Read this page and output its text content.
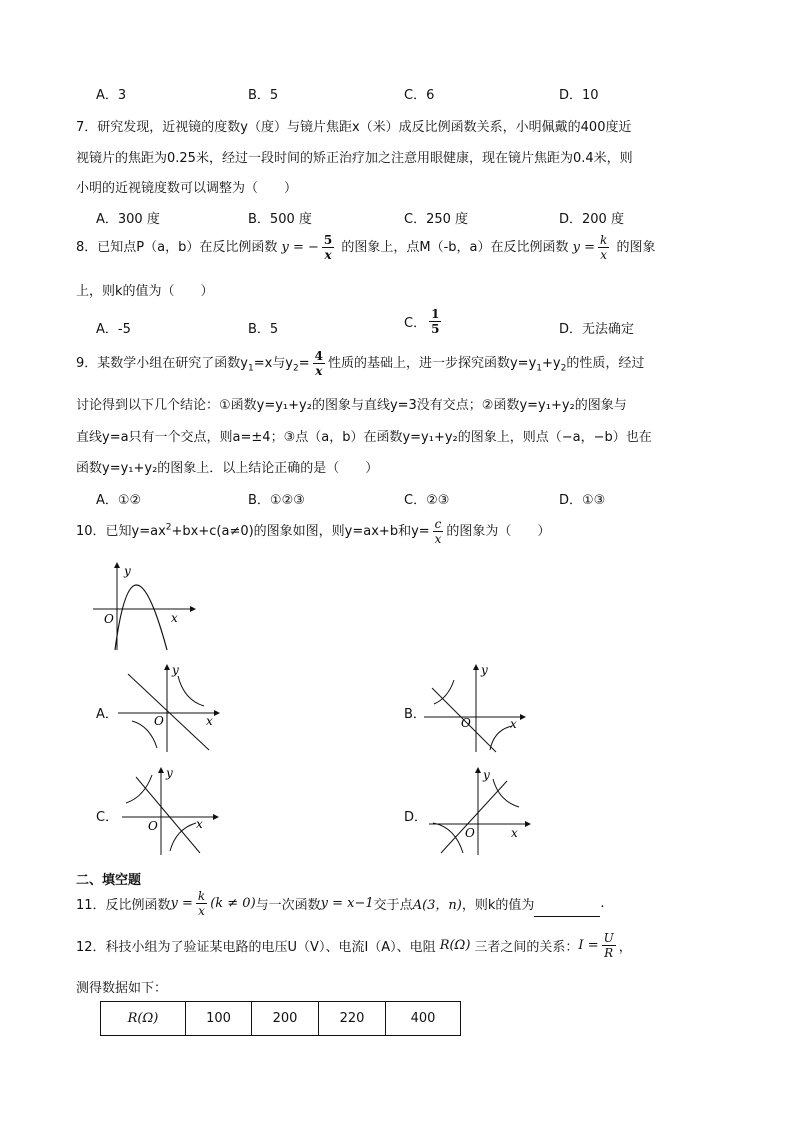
A．3	B．5	C．6	D．10
7．研究发现，近视镜的度数y（度）与镜片焦距x（米）成反比例函数关系，小明佩戴的400度近
视镜片的焦距为0.25米，经过一段时间的矫正治疗加之注意用眼健康，现在镜片焦距为0.4米，则
小明的近视镜度数可以调整为（　　）
A．300 度	B．500 度	C．250 度	D．200 度
8．已知点P（a，b）在反比例函数 y = − $\frac{5}{x}$ 的图象上，点M（-b，a）在反比例函数 $y = \frac{k}{x}$ 的图象
上，则k的值为（　　）
A．-5	B．5	C． $\frac{1}{5}$	D．无法确定
9．某数学小组在研究了函数$y_1=x$与$y_2= \frac{4}{x}$ 性质的基础上，进一步探究函数$y=y_1+y_2$的性质，经过
讨论得到以下几个结论：①函数y=y₁+y₂的图象与直线y=3没有交点；②函数y=y₁+y₂的图象与
直线y=a只有一个交点，则a=±4；③点（a，b）在函数y=y₁+y₂的图象上，则点（−a，−b）也在
函数y=y₁+y₂的图象上．以上结论正确的是（　　）
A．①②	B．①②③	C．②③	D．①③
10．已知$y=ax^2+bx+c(a\ne 0)$的图象如图，则y=ax+b和$y= \frac{c}{x}$ 的图象为（　　）
y
x
O
A．
y
x
O	B．
y
x
O
C．
y
x
O
D．
y
x
O
二、填空题
11．反比例函数$y = \frac{k}{x} (k \ne 0)$与一次函数y = x−1交于点A(3，n)，则k的值为	.
12．科技小组为了验证某电路的电压U（V）、电流I（A）、电阻 R(Ω) 三者之间的关系：$I = \frac{U}{R}$ ，
测得数据如下：
R(Ω)	100	200	220	400
